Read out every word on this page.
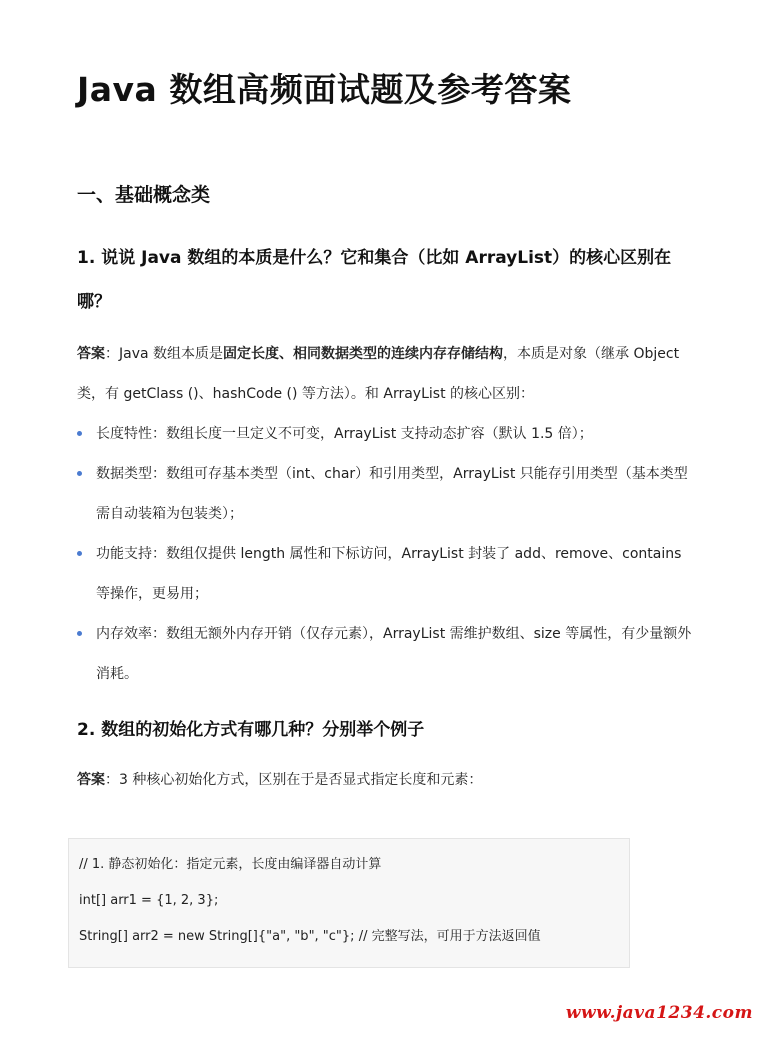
Java 数组高频面试题及参考答案
一、基础概念类
1. 说说 Java 数组的本质是什么？它和集合（比如 ArrayList）的核心区别在哪？

答案：Java 数组本质是固定长度、相同数据类型的连续内存存储结构，本质是对象（继承 Object 类，有 getClass ()、hashCode () 等方法）。和 ArrayList 的核心区别：

长度特性：数组长度一旦定义不可变，ArrayList 支持动态扩容（默认 1.5 倍）；
数据类型：数组可存基本类型（int、char）和引用类型，ArrayList 只能存引用类型（基本类型需自动装箱为包装类）；
功能支持：数组仅提供 length 属性和下标访问，ArrayList 封装了 add、remove、contains 等操作，更易用；
内存效率：数组无额外内存开销（仅存元素），ArrayList 需维护数组、size 等属性，有少量额外消耗。
2. 数组的初始化方式有哪几种？分别举个例子

答案：3 种核心初始化方式，区别在于是否显式指定长度和元素：

// 1. 静态初始化：指定元素，长度由编译器自动计算
int[] arr1 = {1, 2, 3};
String[] arr2 = new String[]{"a", "b", "c"}; // 完整写法，可用于方法返回值
www.java1234.com
